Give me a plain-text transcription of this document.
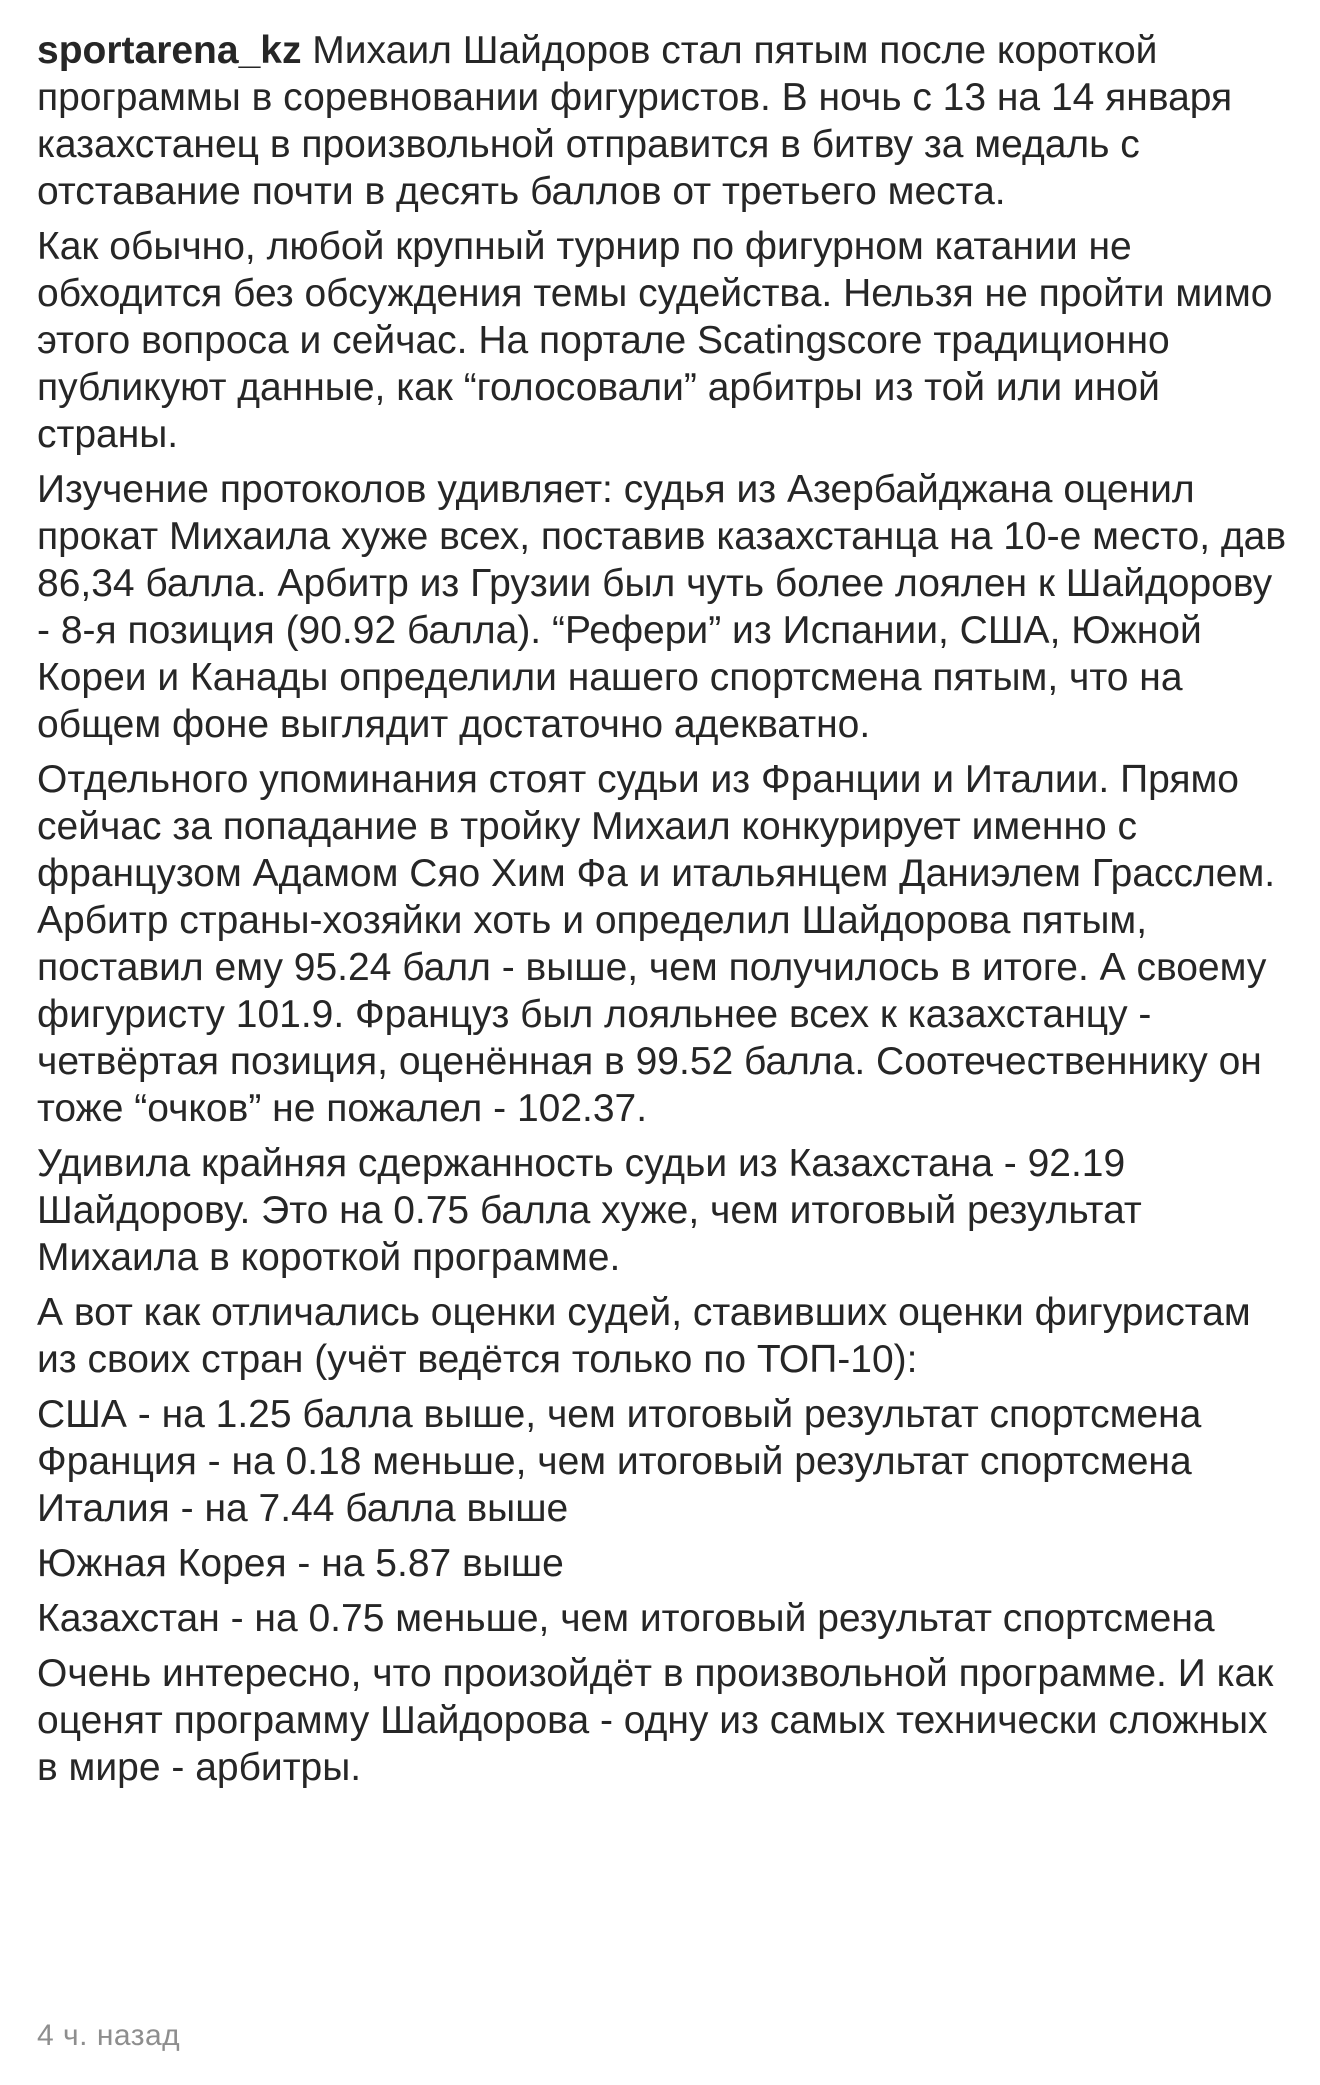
sportarena_kz Михаил Шайдоров стал пятым после короткой программы в соревновании фигуристов. В ночь с 13 на 14 января казахстанец в произвольной отправится в битву за медаль с отставание почти в десять баллов от третьего места.

Как обычно, любой крупный турнир по фигурном катании не обходится без обсуждения темы судейства. Нельзя не пройти мимо этого вопроса и сейчас. На портале Scatingscore традиционно публикуют данные, как “голосовали” арбитры из той или иной страны.

Изучение протоколов удивляет: судья из Азербайджана оценил прокат Михаила хуже всех, поставив казахстанца на 10-е место, дав 86,34 балла. Арбитр из Грузии был чуть более лоялен к Шайдорову - 8-я позиция (90.92 балла). “Рефери” из Испании, США, Южной Кореи и Канады определили нашего спортсмена пятым, что на общем фоне выглядит достаточно адекватно.

Отдельного упоминания стоят судьи из Франции и Италии. Прямо сейчас за попадание в тройку Михаил конкурирует именно с французом Адамом Сяо Хим Фа и итальянцем Даниэлем Грасслем. Арбитр страны-хозяйки хоть и определил Шайдорова пятым, поставил ему 95.24 балл - выше, чем получилось в итоге. А своему фигуристу 101.9. Француз был лояльнее всех к казахстанцу - четвёртая позиция, оценённая в 99.52 балла. Соотечественнику он тоже “очков” не пожалел - 102.37.

Удивила крайняя сдержанность судьи из Казахстана - 92.19 Шайдорову. Это на 0.75 балла хуже, чем итоговый результат Михаила в короткой программе.

А вот как отличались оценки судей, ставивших оценки фигуристам из своих стран (учёт ведётся только по ТОП-10):

США - на 1.25 балла выше, чем итоговый результат спортсмена Франция - на 0.18 меньше, чем итоговый результат спортсмена Италия - на 7.44 балла выше

Южная Корея - на 5.87 выше

Казахстан - на 0.75 меньше, чем итоговый результат спортсмена

Очень интересно, что произойдёт в произвольной программе. И как оценят программу Шайдорова - одну из самых технически сложных в мире - арбитры.

4 ч. назад
